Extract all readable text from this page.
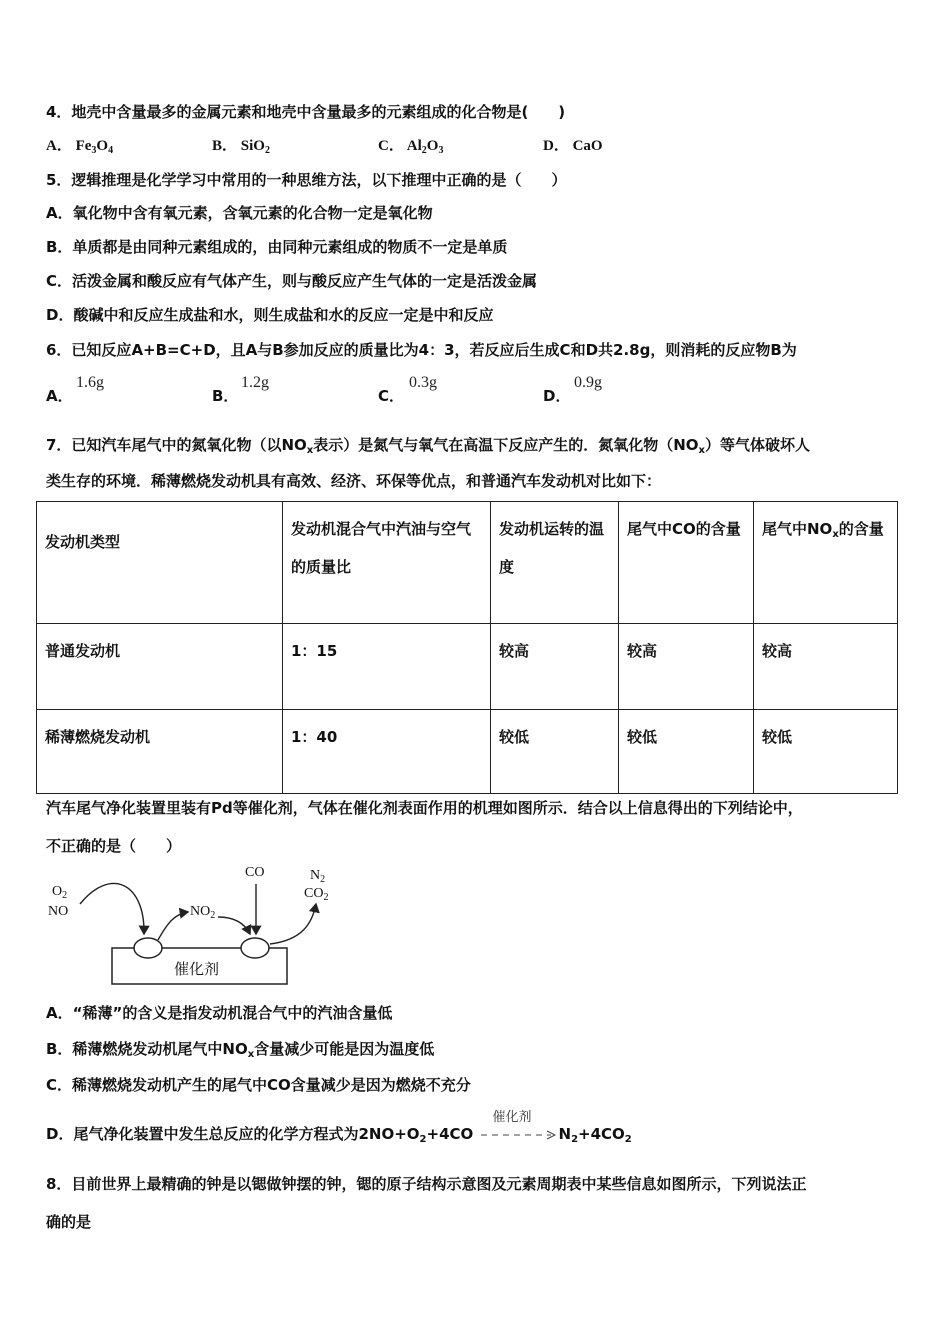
4．地壳中含量最多的金属元素和地壳中含量最多的元素组成的化合物是(　　)
A． $Fe_3O_4$	B． SiO$_2$	C． $Al_2O_3$	D． CaO
5．逻辑推理是化学学习中常用的一种思维方法，以下推理中正确的是（　　）
A．氧化物中含有氧元素，含氧元素的化合物一定是氧化物
B．单质都是由同种元素组成的，由同种元素组成的物质不一定是单质
C．活泼金属和酸反应有气体产生，则与酸反应产生气体的一定是活泼金属
D．酸碱中和反应生成盐和水，则生成盐和水的反应一定是中和反应
6．已知反应A+B=C+D，且A与B参加反应的质量比为4：3，若反应后生成C和D共2.8g，则消耗的反应物B为
A．
1.6g
B．
1.2g
C．
0.3g
D．
0.9g
7．已知汽车尾气中的氮氧化物（以$NO_x$表示）是氮气与氧气在高温下反应产生的．氮氧化物$(NO_x)$等气体破坏人
类生存的环境．稀薄燃烧发动机具有高效、经济、环保等优点，和普通汽车发动机对比如下：
发动机类型	发动机混合气中汽油与空气的质量比	发动机运转的温度	尾气中CO的含量	尾气中$NO_x$的含量
普通发动机	1：15	较高	较高	较高
稀薄燃烧发动机	1：40	较低	较低	较低
汽车尾气净化装置里装有Pd等催化剂，气体在催化剂表面作用的机理如图所示．结合以上信息得出的下列结论中，
不正确的是（　　）
$O_2$
NO	$NO_2$
CO	$N_2$
$CO_2$
催化剂
A．“稀薄”的含义是指发动机混合气中的汽油含量低
B．稀薄燃烧发动机尾气中$NO_x$含量减少可能是因为温度低
C．稀薄燃烧发动机产生的尾气中CO含量减少是因为燃烧不充分
D．尾气净化装置中发生总反应的化学方程式为$2NO+O_2+4CO$
催化剂
$N_2+4CO_2$
8．目前世界上最精确的钟是以锶做钟摆的钟，锶的原子结构示意图及元素周期表中某些信息如图所示，下列说法正
确的是
